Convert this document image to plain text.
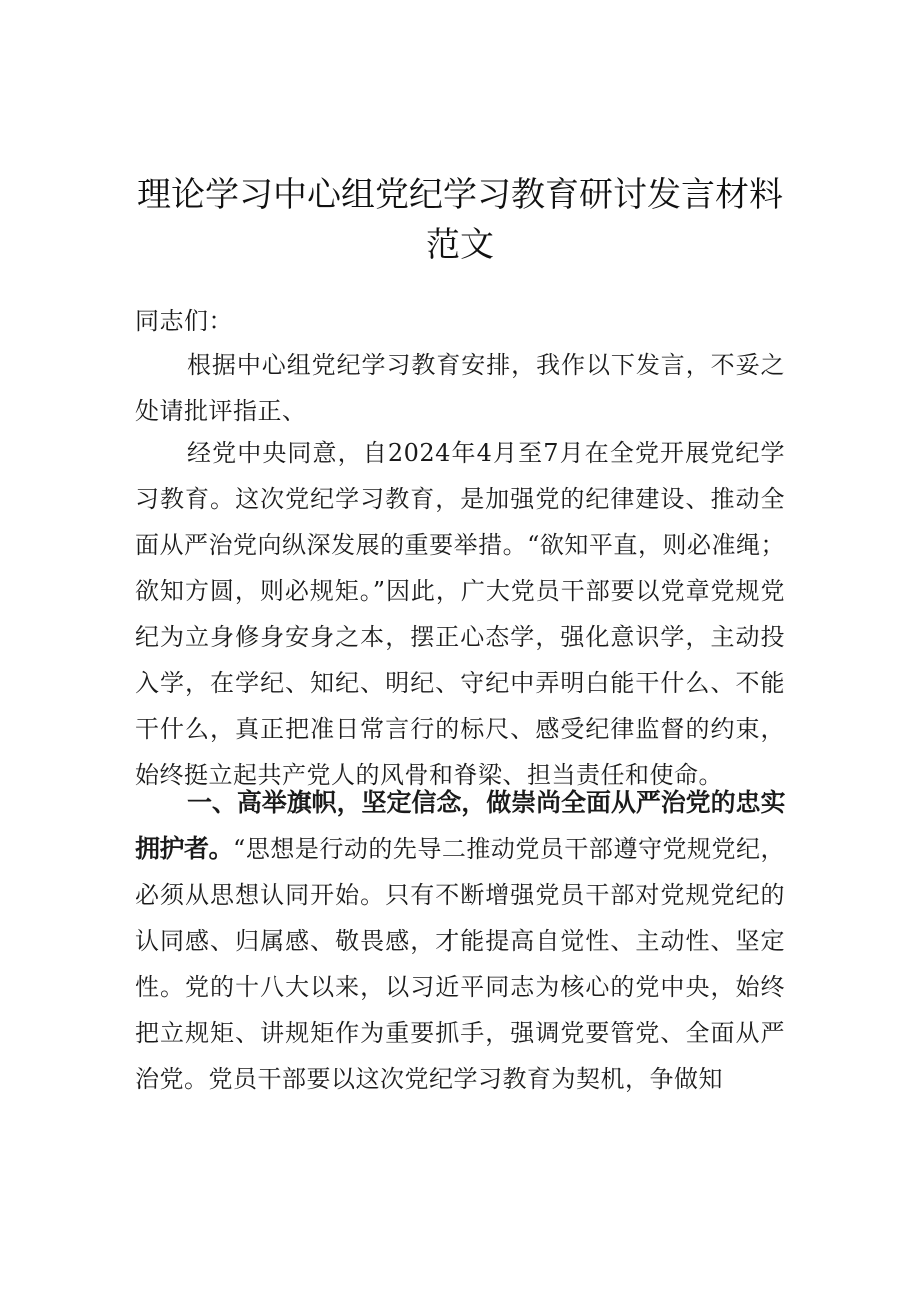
理论学习中心组党纪学习教育研讨发言材料范文
同志们：

根据中心组党纪学习教育安排，我作以下发言，不妥之处请批评指正、

经党中央同意，自2024年4月至7月在全党开展党纪学习教育。这次党纪学习教育，是加强党的纪律建设、推动全面从严治党向纵深发展的重要举措。“欲知平直，则必准绳；欲知方圆，则必规矩。”因此，广大党员干部要以党章党规党纪为立身修身安身之本，摆正心态学，强化意识学，主动投入学，在学纪、知纪、明纪、守纪中弄明白能干什么、不能干什么，真正把准日常言行的标尺、感受纪律监督的约束，始终挺立起共产党人的风骨和脊梁、担当责任和使命。

一、高举旗帜，坚定信念，做崇尚全面从严治党的忠实拥护者。“思想是行动的先导二推动党员干部遵守党规党纪，必须从思想认同开始。只有不断增强党员干部对党规党纪的认同感、归属感、敬畏感，才能提高自觉性、主动性、坚定性。党的十八大以来，以习近平同志为核心的党中央，始终把立规矩、讲规矩作为重要抓手，强调党要管党、全面从严治党。党员干部要以这次党纪学习教育为契机，争做知
